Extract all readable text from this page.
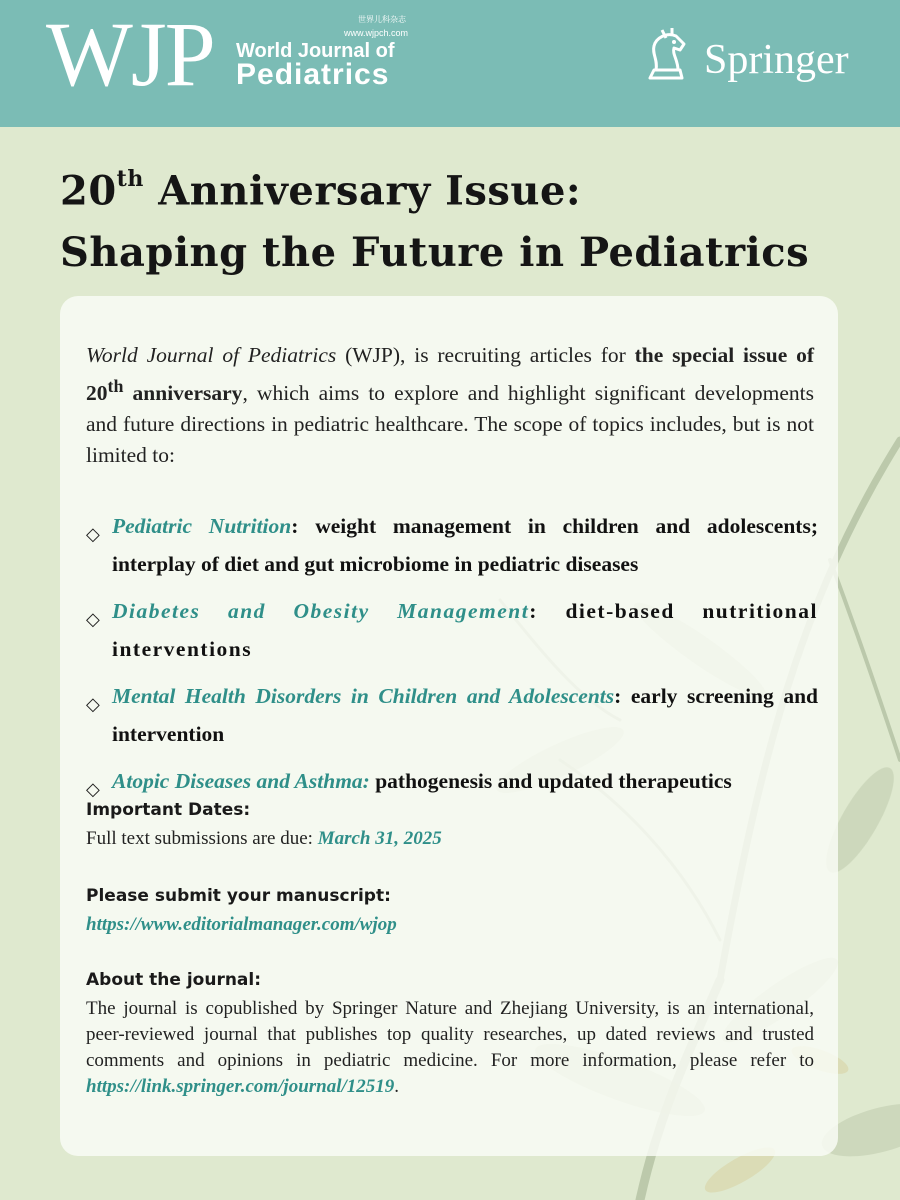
WJP	世界儿科杂志
www.wjpch.com
World Journal of
Pediatrics	Springer
20th Anniversary Issue:
Shaping the Future in Pediatrics

World Journal of Pediatrics (WJP), is recruiting articles for the special issue of 20th anniversary, which aims to explore and highlight significant developments and future directions in pediatric healthcare. The scope of topics includes, but is not limited to:

◇ Pediatric Nutrition: weight management in children and adolescents; interplay of diet and gut microbiome in pediatric diseases
◇ Diabetes and Obesity Management: diet-based nutritional interventions
◇ Mental Health Disorders in Children and Adolescents: early screening and intervention
◇ Atopic Diseases and Asthma: pathogenesis and updated therapeutics
Important Dates:

Full text submissions are due: March 31, 2025

Please submit your manuscript:

https://www.editorialmanager.com/wjop

About the journal:

The journal is copublished by Springer Nature and Zhejiang University, is an international, peer-reviewed journal that publishes top quality researches, up dated reviews and trusted comments and opinions in pediatric medicine. For more information, please refer to https://link.springer.com/journal/12519.
